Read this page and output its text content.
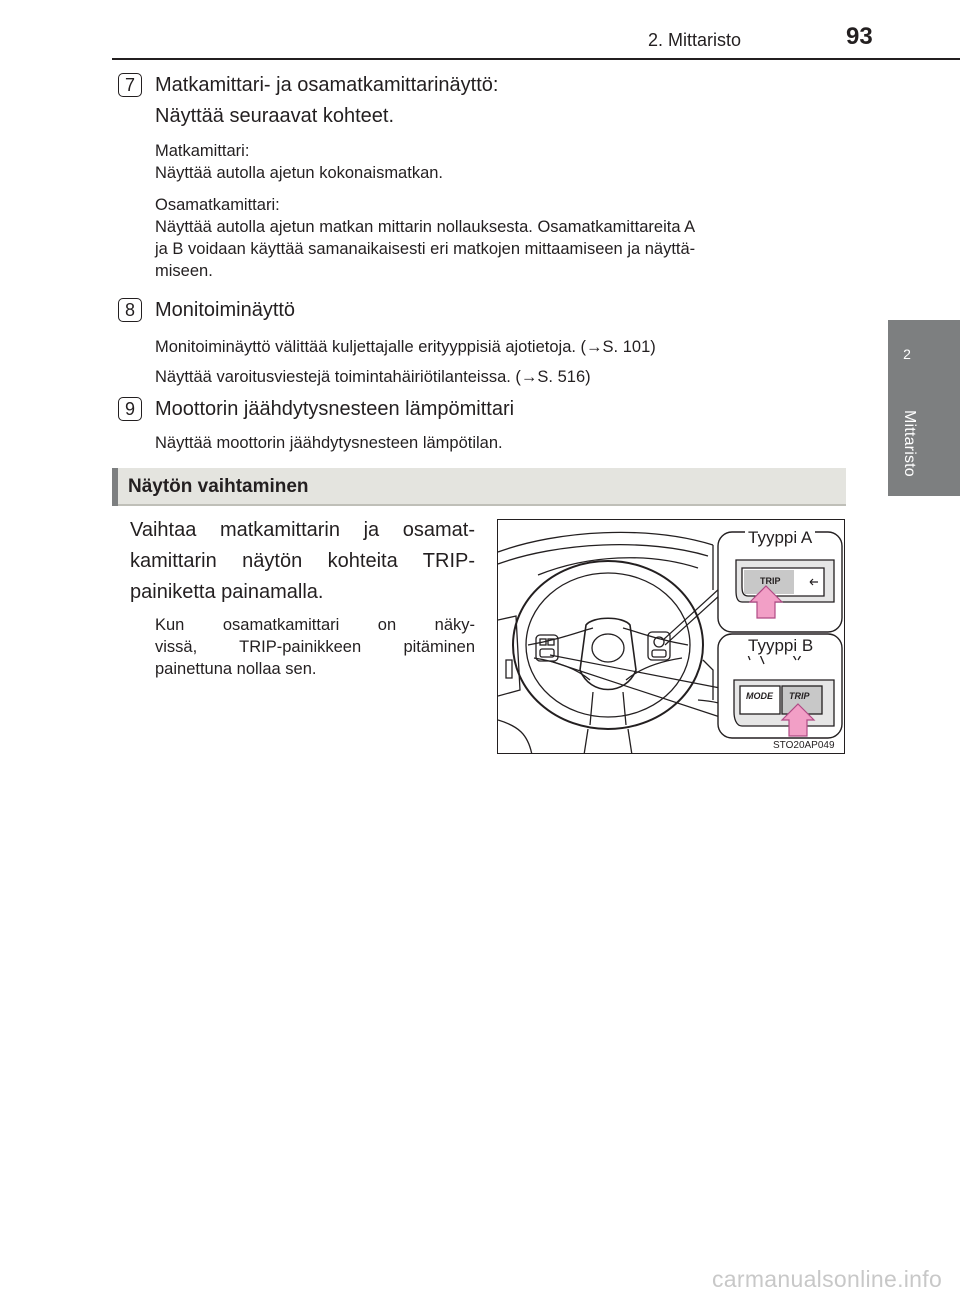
2. Mittaristo	93
2
Mittaristo
7	Matkamittari- ja osamatkamittarinäyttö:
Näyttää seuraavat kohteet.
Matkamittari:
Näyttää autolla ajetun kokonaismatkan.
Osamatkamittari:
Näyttää autolla ajetun matkan mittarin nollauksesta. Osamatkamittareita A
ja B voidaan käyttää samanaikaisesti eri matkojen mittaamiseen ja näyttä-
miseen.
8	Monitoiminäyttö
Monitoiminäyttö välittää kuljettajalle erityyppisiä ajotietoja. (→S. 101)
Näyttää varoitusviestejä toimintahäiriötilanteissa. (→S. 516)
9	Moottorin jäähdytysnesteen lämpömittari
Näyttää moottorin jäähdytysnesteen lämpötilan.
Näytön vaihtaminen
Vaihtaa matkamittarin ja osamat-
kamittarin näytön kohteita TRIP-
painiketta painamalla.
Kun osamatkamittari on näky-
vissä, TRIP-painikkeen pitäminen
painettuna nollaa sen.
Tyyppi A
Tyyppi B
TRIP
MODE TRIP
STO20AP049
carmanualsonline.info
